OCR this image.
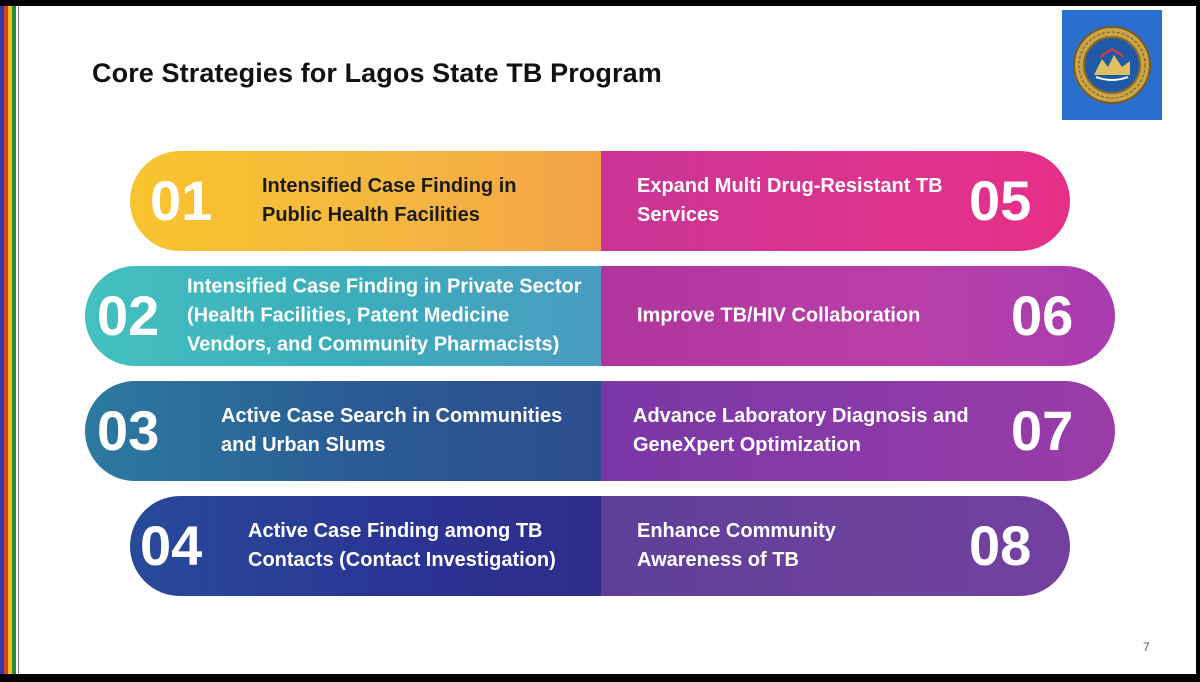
Core Strategies for Lagos State TB Program
01 Intensified Case Finding in Public Health Facilities
Expand Multi Drug-Resistant TB Services	05
02 Intensified Case Finding in Private Sector (Health Facilities, Patent Medicine Vendors, and Community Pharmacists)
Improve TB/HIV Collaboration	06
03	Active Case Search in Communities and Urban Slums
Advance Laboratory Diagnosis and GeneXpert Optimization	07
04 Active Case Finding among TB Contacts (Contact Investigation)
Enhance Community Awareness of TB	08
7
